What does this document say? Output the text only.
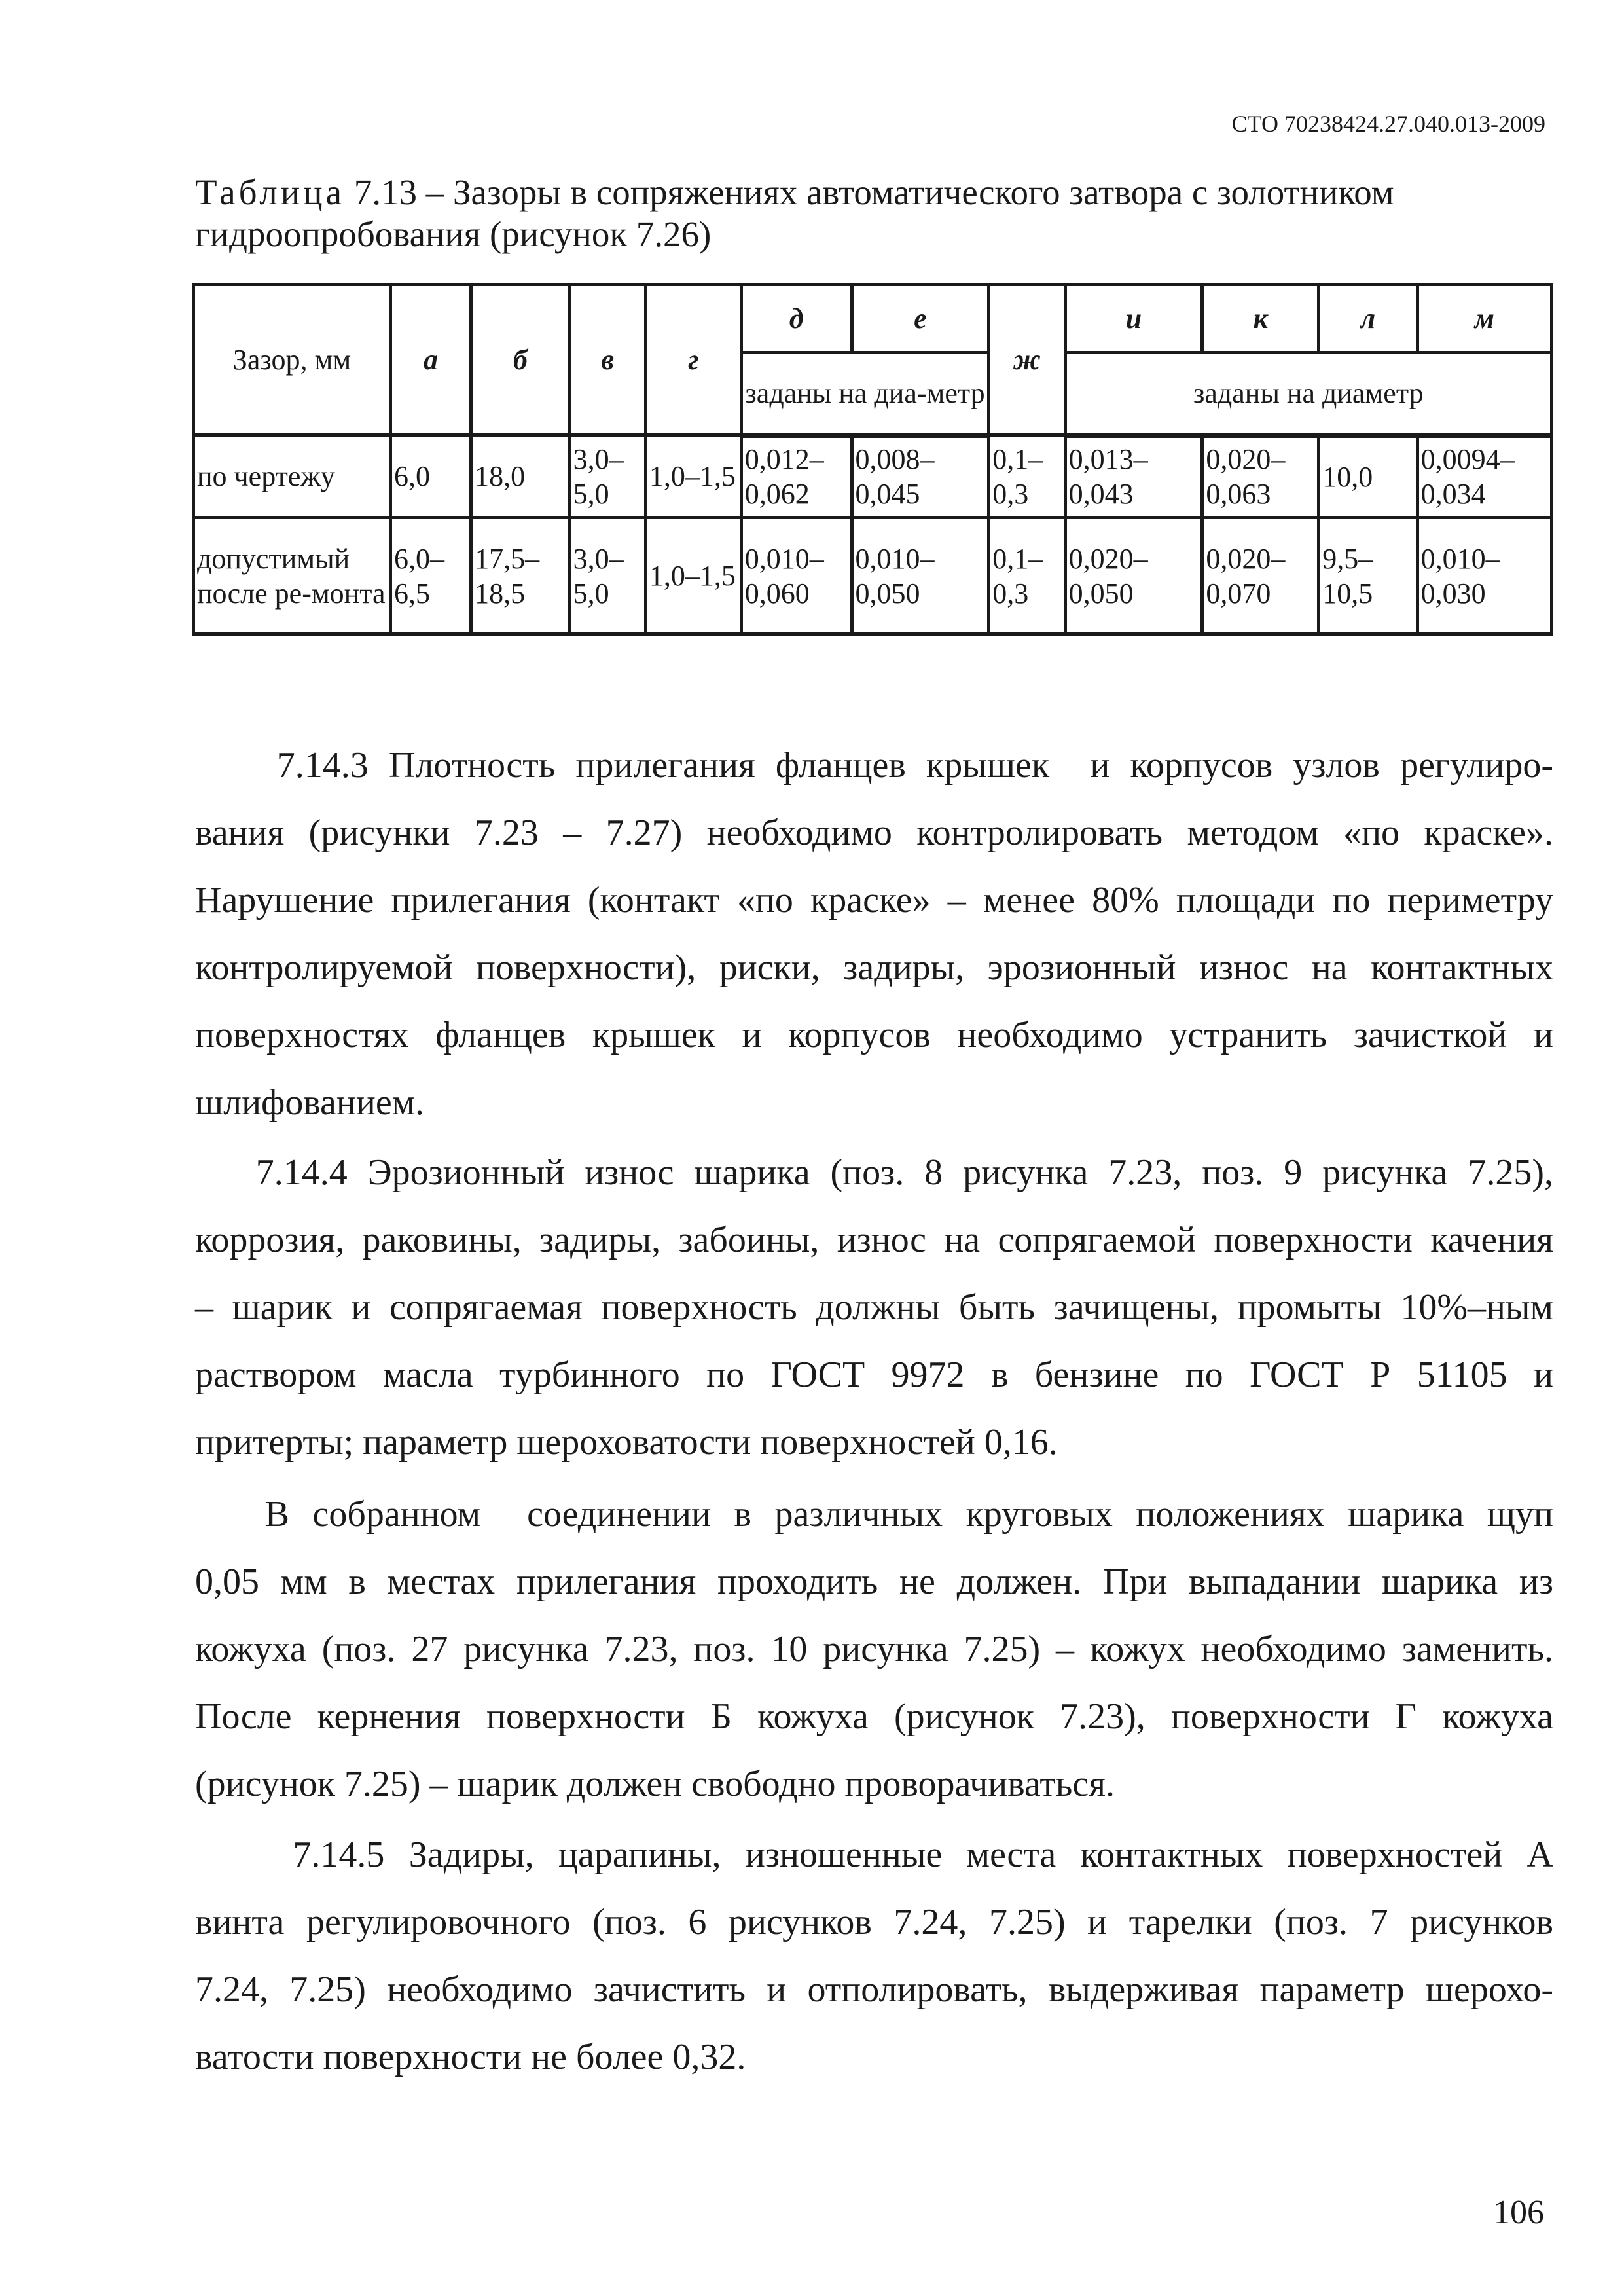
СТО 70238424.27.040.013-2009
Таблица 7.13 – Зазоры в сопряжениях автоматического затвора с золотником
гидроопробования (рисунок 7.26)
Зазор, мм	а	б	в	г	д	е	ж	и	к	л	м
					заданы на диа-метр			заданы на диаметр			
по чертежу	6,0	18,0	3,0–5,0	1,0–1,5	0,012–0,062	0,008–0,045	0,1–0,3	0,013–0,043	0,020–0,063	10,0	0,0094–0,034
допустимый после ре-монта	6,0–6,5	17,5–18,5	3,0–5,0	1,0–1,5	0,010–0,060	0,010–0,050	0,1–0,3	0,020–0,050	0,020–0,070	9,5–10,5	0,010–0,030
7.14.3 Плотность прилегания фланцев крышек  и корпусов узлов регулиро-
вания (рисунки 7.23 – 7.27) необходимо контролировать методом «по краске».
Нарушение прилегания (контакт «по краске» – менее 80% площади по периметру
контролируемой поверхности), риски, задиры, эрозионный износ на контактных
поверхностях фланцев крышек и корпусов необходимо устранить зачисткой и
шлифованием.
7.14.4 Эрозионный износ шарика (поз. 8 рисунка 7.23, поз. 9 рисунка 7.25),
коррозия, раковины, задиры, забоины, износ на сопрягаемой поверхности качения
– шарик и сопрягаемая поверхность должны быть зачищены, промыты 10%–ным
раствором масла турбинного по ГОСТ 9972 в бензине по ГОСТ Р 51105 и
притерты; параметр шероховатости поверхностей 0,16.
В собранном  соединении в различных круговых положениях шарика щуп
0,05 мм в местах прилегания проходить не должен. При выпадании шарика из
кожуха (поз. 27 рисунка 7.23, поз. 10 рисунка 7.25) – кожух необходимо заменить.
После кернения поверхности Б кожуха (рисунок 7.23), поверхности Г кожуха
(рисунок 7.25) – шарик должен свободно проворачиваться.
7.14.5 Задиры, царапины, изношенные места контактных поверхностей А
винта регулировочного (поз. 6 рисунков 7.24, 7.25) и тарелки (поз. 7 рисунков
7.24, 7.25) необходимо зачистить и отполировать, выдерживая параметр шерохо-
ватости поверхности не более 0,32.
106
